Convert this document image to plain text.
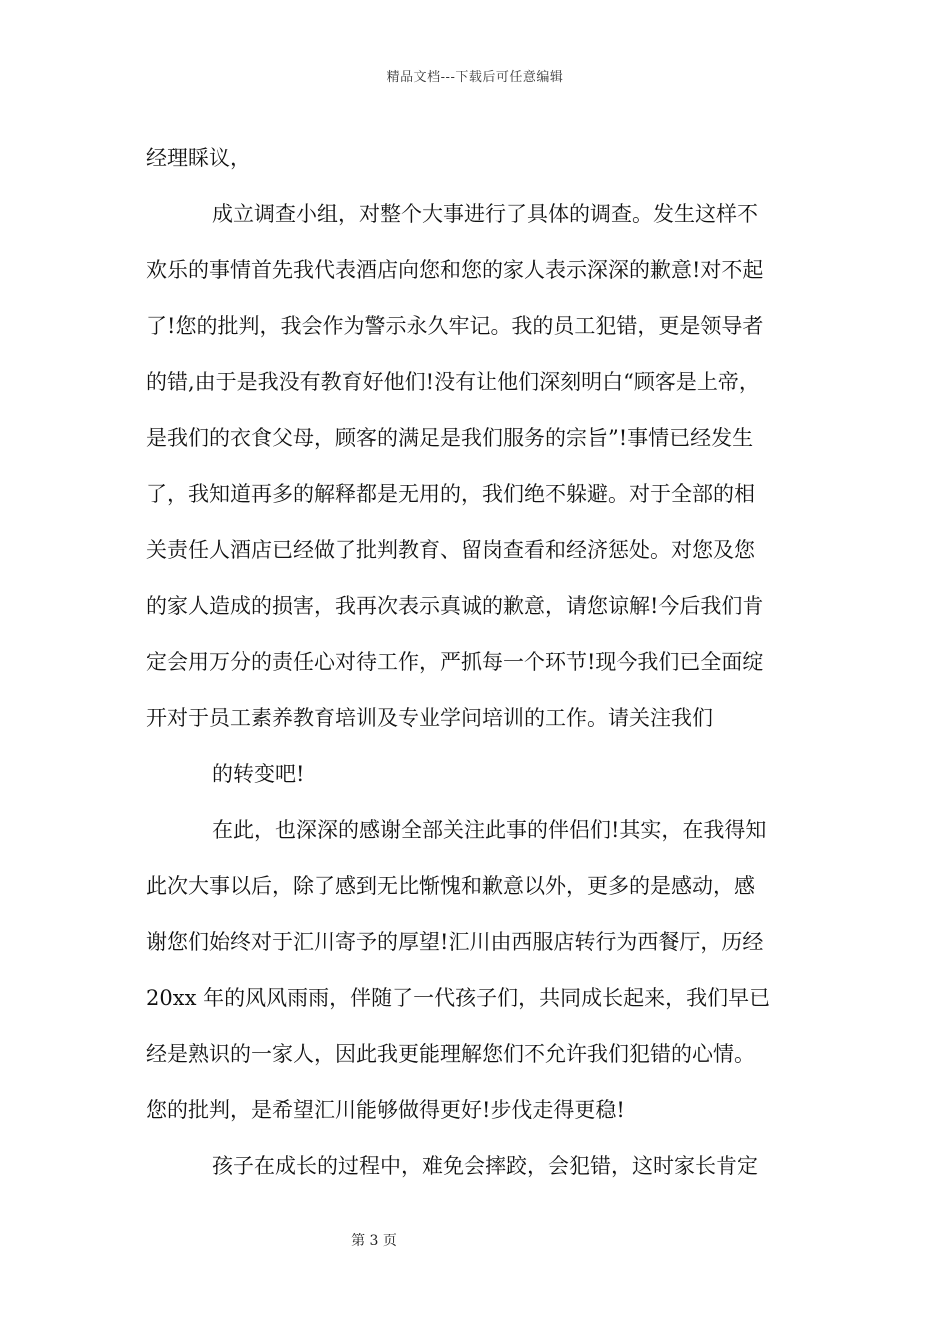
精品文档---下载后可任意编辑
经理睬议，
成立调查小组，对整个大事进行了具体的调查。发生这样不
欢乐的事情首先我代表酒店向您和您的家人表示深深的歉意!对不起
了!您的批判，我会作为警示永久牢记。我的员工犯错，更是领导者
的错,由于是我没有教育好他们!没有让他们深刻明白“顾客是上帝，
是我们的衣食父母，顾客的满足是我们服务的宗旨”!事情已经发生
了，我知道再多的解释都是无用的，我们绝不躲避。对于全部的相
关责任人酒店已经做了批判教育、留岗查看和经济惩处。对您及您
的家人造成的损害，我再次表示真诚的歉意，请您谅解!今后我们肯
定会用万分的责任心对待工作，严抓每一个环节!现今我们已全面绽
开对于员工素养教育培训及专业学问培训的工作。请关注我们
的转变吧!
在此，也深深的感谢全部关注此事的伴侣们!其实，在我得知
此次大事以后，除了感到无比惭愧和歉意以外，更多的是感动，感
谢您们始终对于汇川寄予的厚望!汇川由西服店转行为西餐厅，历经
20xx 年的风风雨雨，伴随了一代孩子们，共同成长起来，我们早已
经是熟识的一家人，因此我更能理解您们不允许我们犯错的心情。
您的批判，是希望汇川能够做得更好!步伐走得更稳!
孩子在成长的过程中，难免会摔跤，会犯错，这时家长肯定
第 3 页
